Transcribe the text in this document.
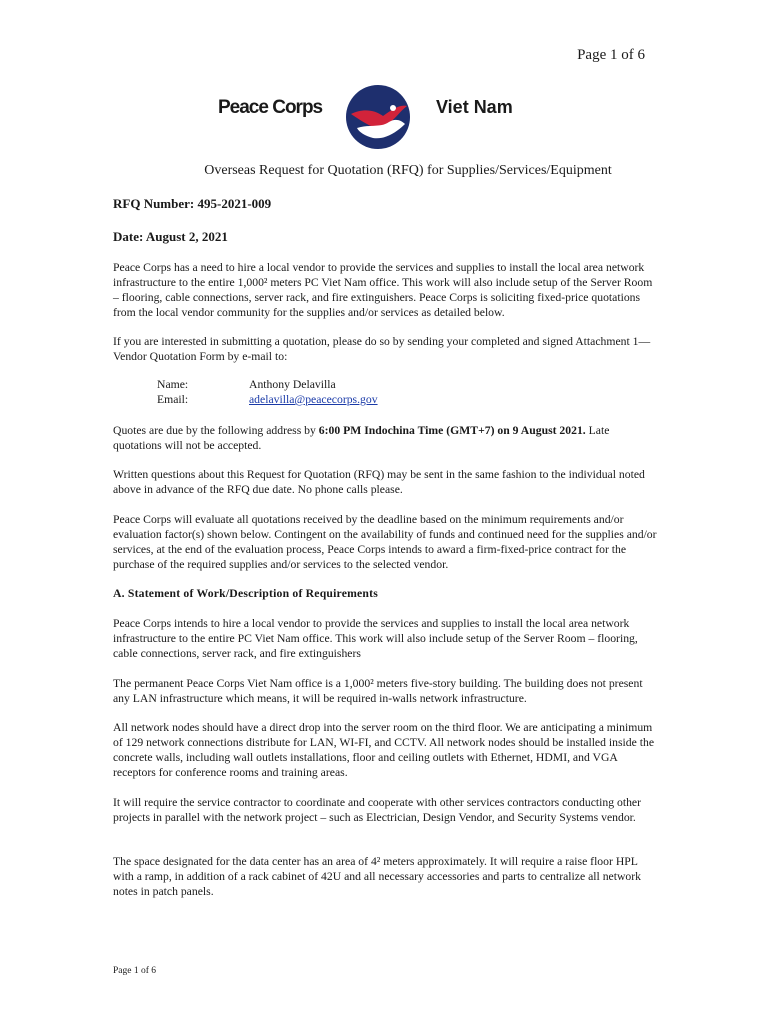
Page 1 of 6
Peace Corps	Viet Nam
Overseas Request for Quotation (RFQ) for Supplies/Services/Equipment
RFQ Number: 495-2021-009
Date: August 2, 2021

Peace Corps has a need to hire a local vendor to provide the services and supplies to install the local area network infrastructure to the entire 1,000² meters PC Viet Nam office. This work will also include setup of the Server Room – flooring, cable connections, server rack, and fire extinguishers. Peace Corps is soliciting fixed-price quotations from the local vendor community for the supplies and/or services as detailed below.

If you are interested in submitting a quotation, please do so by sending your completed and signed Attachment 1—Vendor Quotation Form by e-mail to:

Name:	Anthony Delavilla
Email:	adelavilla@peacecorps.gov

Quotes are due by the following address by 6:00 PM Indochina Time (GMT+7) on 9 August 2021. Late quotations will not be accepted.

Written questions about this Request for Quotation (RFQ) may be sent in the same fashion to the individual noted above in advance of the RFQ due date. No phone calls please.

Peace Corps will evaluate all quotations received by the deadline based on the minimum requirements and/or evaluation factor(s) shown below. Contingent on the availability of funds and continued need for the supplies and/or services, at the end of the evaluation process, Peace Corps intends to award a firm-fixed-price contract for the purchase of the required supplies and/or services to the selected vendor.

A. Statement of Work/Description of Requirements

Peace Corps intends to hire a local vendor to provide the services and supplies to install the local area network infrastructure to the entire PC Viet Nam office. This work will also include setup of the Server Room – flooring, cable connections, server rack, and fire extinguishers

The permanent Peace Corps Viet Nam office is a 1,000² meters five-story building. The building does not present any LAN infrastructure which means, it will be required in-walls network infrastructure.

All network nodes should have a direct drop into the server room on the third floor. We are anticipating a minimum of 129 network connections distribute for LAN, WI-FI, and CCTV. All network nodes should be installed inside the concrete walls, including wall outlets installations, floor and ceiling outlets with Ethernet, HDMI, and VGA receptors for conference rooms and training areas.

It will require the service contractor to coordinate and cooperate with other services contractors conducting other projects in parallel with the network project – such as Electrician, Design Vendor, and Security Systems vendor.

The space designated for the data center has an area of 4² meters approximately. It will require a raise floor HPL with a ramp, in addition of a rack cabinet of 42U and all necessary accessories and parts to centralize all network notes in patch panels.

Page 1 of 6
